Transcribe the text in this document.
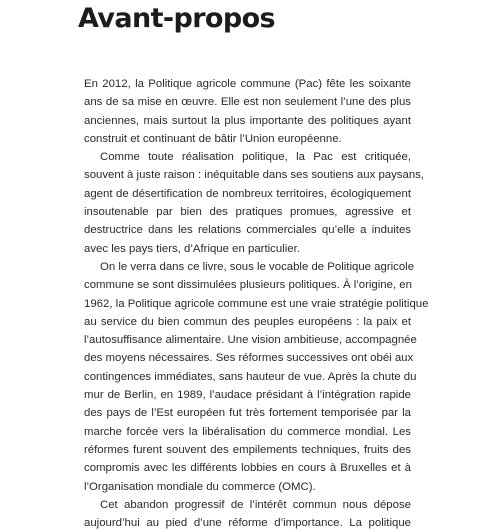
Avant-propos

En 2012, la Politique agricole commune (Pac) fête les soixante
ans de sa mise en œuvre. Elle est non seulement l’une des plus
anciennes, mais surtout la plus importante des politiques ayant
construit et continuant de bâtir l’Union européenne.

Comme toute réalisation politique, la Pac est critiquée,
souvent à juste raison : inéquitable dans ses soutiens aux paysans,
agent de désertification de nombreux territoires, écologiquement
insoutenable par bien des pratiques promues, agressive et
destructrice dans les relations commerciales qu’elle a induites
avec les pays tiers, d’Afrique en particulier.

On le verra dans ce livre, sous le vocable de Politique agricole
commune se sont dissimulées plusieurs politiques. À l’origine, en
1962, la Politique agricole commune est une vraie stratégie politique
au service du bien commun des peuples européens : la paix et
l’autosuffisance alimentaire. Une vision ambitieuse, accompagnée
des moyens nécessaires. Ses réformes successives ont obéi aux
contingences immédiates, sans hauteur de vue. Après la chute du
mur de Berlin, en 1989, l’audace présidant à l’intégration rapide
des pays de l’Est européen fut très fortement temporisée par la
marche forcée vers la libéralisation du commerce mondial. Les
réformes furent souvent des empilements techniques, fruits des
compromis avec les différents lobbies en cours à Bruxelles et à
l’Organisation mondiale du commerce (OMC).

Cet abandon progressif de l’intérêt commun nous dépose
aujourd’hui au pied d’une réforme d’importance. La politique
